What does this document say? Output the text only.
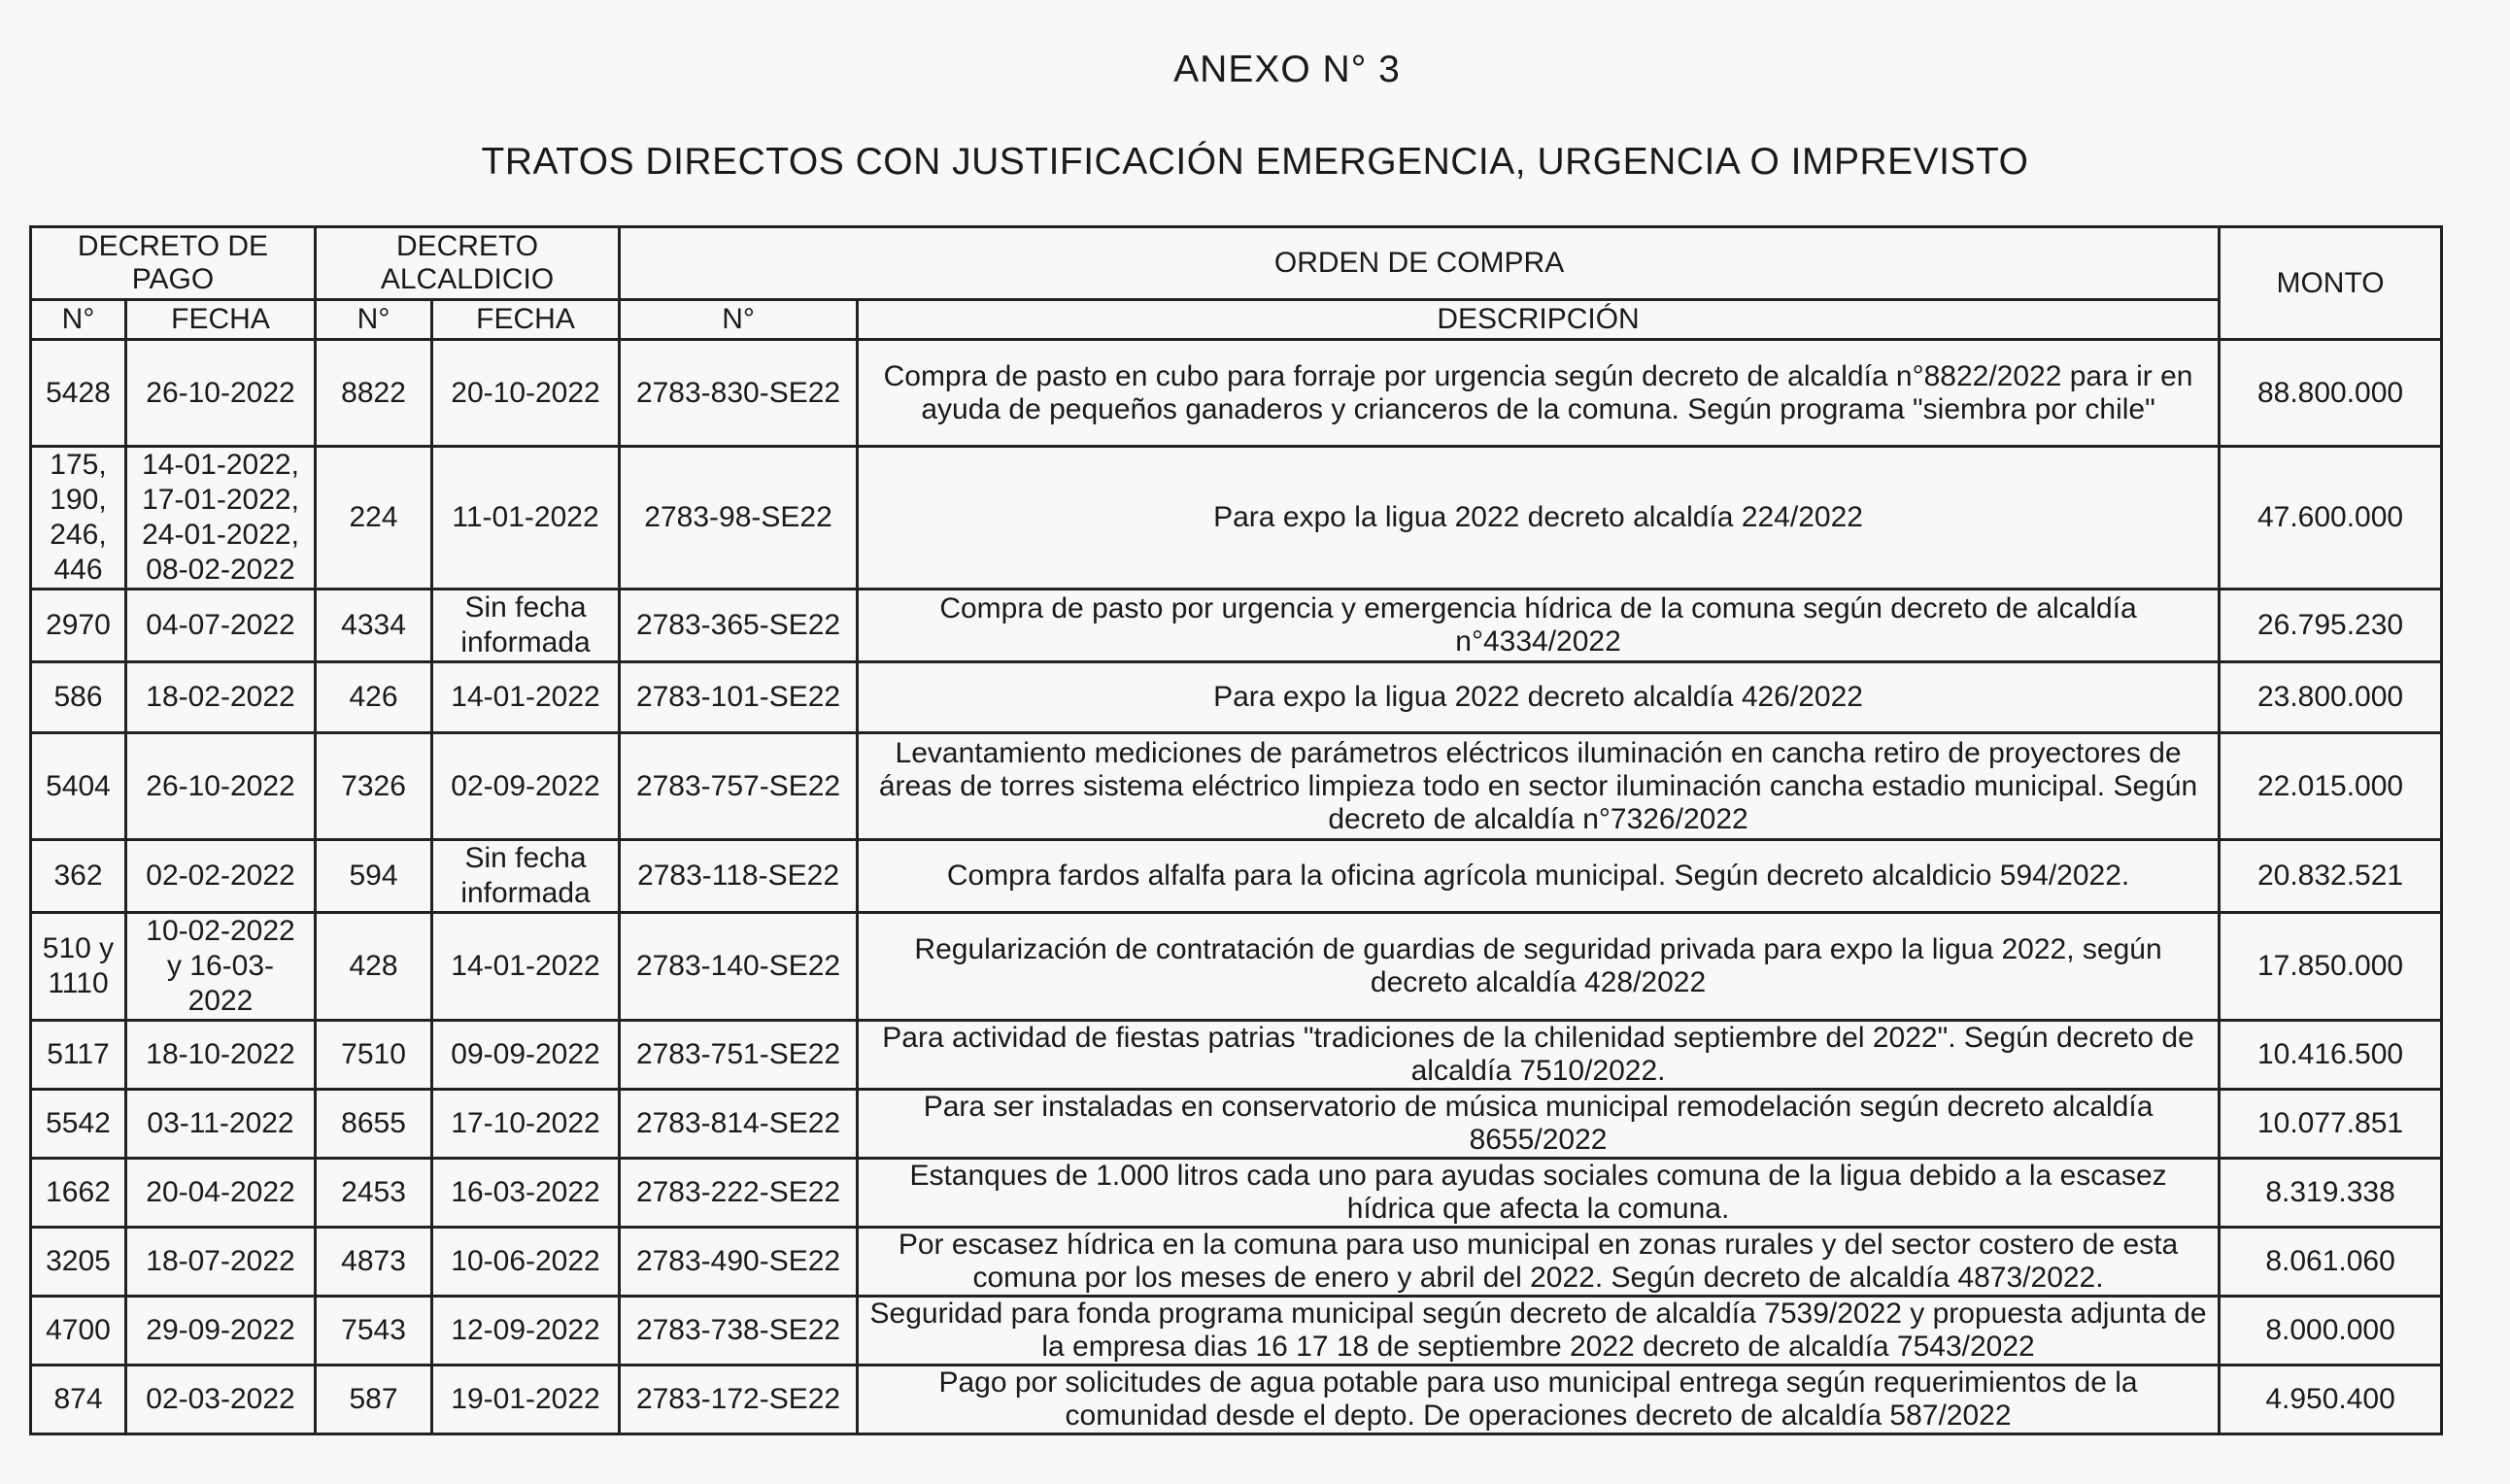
ANEXO N° 3
TRATOS DIRECTOS CON JUSTIFICACIÓN EMERGENCIA, URGENCIA O IMPREVISTO
DECRETO DE PAGO		DECRETO ALCALDICIO		ORDEN DE COMPRA		MONTO
N°	FECHA	N°	FECHA	N°	DESCRIPCIÓN	
5428	26-10-2022	8822	20-10-2022	2783-830-SE22	Compra de pasto en cubo para forraje por urgencia según decreto de alcaldía n°8822/2022 para ir en ayuda de pequeños ganaderos y crianceros de la comuna. Según programa "siembra por chile"	88.800.000
175, 190, 246, 446	14-01-2022, 17-01-2022, 24-01-2022, 08-02-2022	224	11-01-2022	2783-98-SE22	Para expo la ligua 2022 decreto alcaldía 224/2022	47.600.000
2970	04-07-2022	4334	Sin fecha informada	2783-365-SE22	Compra de pasto por urgencia y emergencia hídrica de la comuna según decreto de alcaldía n°4334/2022	26.795.230
586	18-02-2022	426	14-01-2022	2783-101-SE22	Para expo la ligua 2022 decreto alcaldía 426/2022	23.800.000
5404	26-10-2022	7326	02-09-2022	2783-757-SE22	Levantamiento mediciones de parámetros eléctricos iluminación en cancha retiro de proyectores de áreas de torres sistema eléctrico limpieza todo en sector iluminación cancha estadio municipal. Según decreto de alcaldía n°7326/2022	22.015.000
362	02-02-2022	594	Sin fecha informada	2783-118-SE22	Compra fardos alfalfa para la oficina agrícola municipal. Según decreto alcaldicio 594/2022.	20.832.521
510 y 1110	10-02-2022 y 16-03-2022	428	14-01-2022	2783-140-SE22	Regularización de contratación de guardias de seguridad privada para expo la ligua 2022, según decreto alcaldía 428/2022	17.850.000
5117	18-10-2022	7510	09-09-2022	2783-751-SE22	Para actividad de fiestas patrias "tradiciones de la chilenidad septiembre del 2022". Según decreto de alcaldía 7510/2022.	10.416.500
5542	03-11-2022	8655	17-10-2022	2783-814-SE22	Para ser instaladas en conservatorio de música municipal remodelación según decreto alcaldía 8655/2022	10.077.851
1662	20-04-2022	2453	16-03-2022	2783-222-SE22	Estanques de 1.000 litros cada uno para ayudas sociales comuna de la ligua debido a la escasez hídrica que afecta la comuna.	8.319.338
3205	18-07-2022	4873	10-06-2022	2783-490-SE22	Por escasez hídrica en la comuna para uso municipal en zonas rurales y del sector costero de esta comuna por los meses de enero y abril del 2022. Según decreto de alcaldía 4873/2022.	8.061.060
4700	29-09-2022	7543	12-09-2022	2783-738-SE22	Seguridad para fonda programa municipal según decreto de alcaldía 7539/2022 y propuesta adjunta de la empresa dias 16 17 18 de septiembre 2022 decreto de alcaldía 7543/2022	8.000.000
874	02-03-2022	587	19-01-2022	2783-172-SE22	Pago por solicitudes de agua potable para uso municipal entrega según requerimientos de la comunidad desde el depto. De operaciones decreto de alcaldía 587/2022	4.950.400
